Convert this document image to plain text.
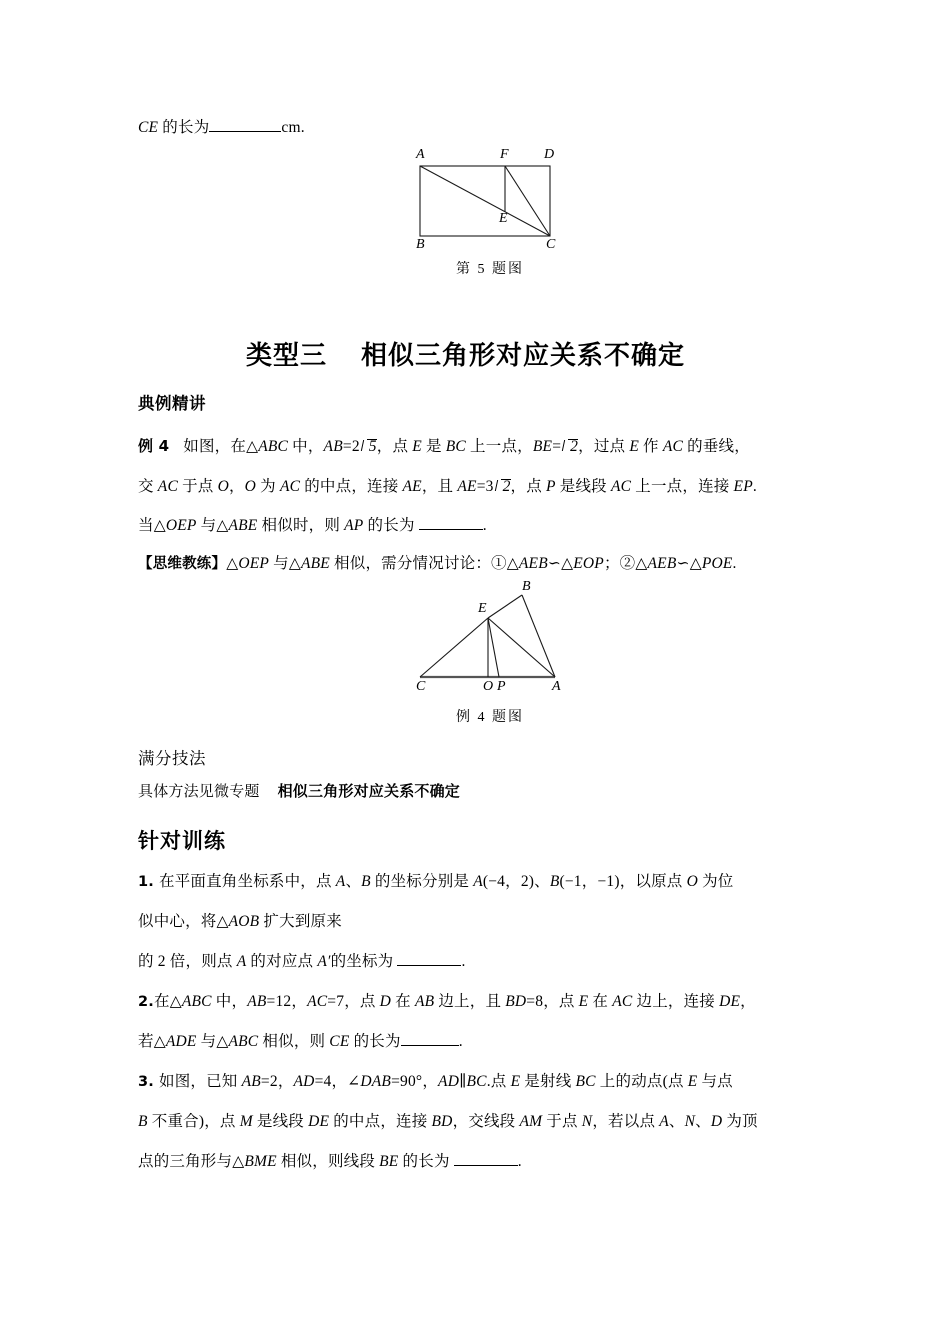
CE 的长为	cm.
A	F	D
E
B	C
第 5 题图
类型三 相似三角形对应关系不确定
典例精讲
例 4 如图，在△ABC 中，AB=2 5，点 E 是 BC 上一点，BE= 2，过点 E 作 AC 的垂线，
交 AC 于点 O，O 为 AC 的中点，连接 AE，且 AE=3 2，点 P 是线段 AC 上一点，连接 EP.
当△OEP 与△ABE 相似时，则 AP 的长为	.
【思维教练】△OEP 与△ABE 相似，需分情况讨论：①△AEB∽△EOP；②△AEB∽△POE.
B
E
C	O P	A
例 4 题图
满分技法
具体方法见微专题 相似三角形对应关系不确定
针对训练
1. 在平面直角坐标系中，点 A、B 的坐标分别是 A(−4，2)、B(−1，−1)，以原点 O 为位
似中心，将△AOB 扩大到原来
的 2 倍，则点 A 的对应点 A′的坐标为	.
2.在△ABC 中，AB=12，AC=7，点 D 在 AB 边上，且 BD=8，点 E 在 AC 边上，连接 DE，
若△ADE 与△ABC 相似，则 CE 的长为	.
3. 如图，已知 AB=2，AD=4，∠DAB=90°，AD∥BC.点 E 是射线 BC 上的动点(点 E 与点
B 不重合)，点 M 是线段 DE 的中点，连接 BD，交线段 AM 于点 N，若以点 A、N、D 为顶
点的三角形与△BME 相似，则线段 BE 的长为	.
